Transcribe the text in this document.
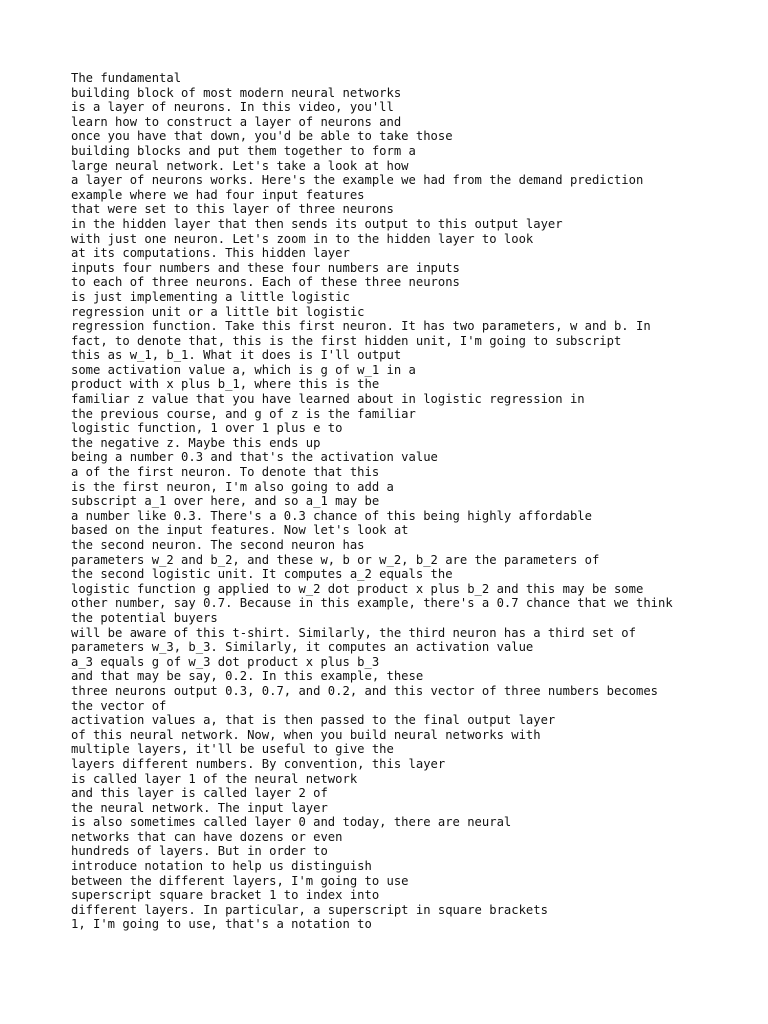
The fundamental
building block of most modern neural networks
is a layer of neurons. In this video, you'll
learn how to construct a layer of neurons and
once you have that down, you'd be able to take those
building blocks and put them together to form a
large neural network. Let's take a look at how
a layer of neurons works. Here's the example we had from the demand prediction
example where we had four input features
that were set to this layer of three neurons
in the hidden layer that then sends its output to this output layer
with just one neuron. Let's zoom in to the hidden layer to look
at its computations. This hidden layer
inputs four numbers and these four numbers are inputs
to each of three neurons. Each of these three neurons
is just implementing a little logistic
regression unit or a little bit logistic
regression function. Take this first neuron. It has two parameters, w and b. In
fact, to denote that, this is the first hidden unit, I'm going to subscript
this as w_1, b_1. What it does is I'll output
some activation value a, which is g of w_1 in a
product with x plus b_1, where this is the
familiar z value that you have learned about in logistic regression in
the previous course, and g of z is the familiar
logistic function, 1 over 1 plus e to
the negative z. Maybe this ends up
being a number 0.3 and that's the activation value
a of the first neuron. To denote that this
is the first neuron, I'm also going to add a
subscript a_1 over here, and so a_1 may be
a number like 0.3. There's a 0.3 chance of this being highly affordable
based on the input features. Now let's look at
the second neuron. The second neuron has
parameters w_2 and b_2, and these w, b or w_2, b_2 are the parameters of
the second logistic unit. It computes a_2 equals the
logistic function g applied to w_2 dot product x plus b_2 and this may be some
other number, say 0.7. Because in this example, there's a 0.7 chance that we think
the potential buyers
will be aware of this t-shirt. Similarly, the third neuron has a third set of
parameters w_3, b_3. Similarly, it computes an activation value
a_3 equals g of w_3 dot product x plus b_3
and that may be say, 0.2. In this example, these
three neurons output 0.3, 0.7, and 0.2, and this vector of three numbers becomes
the vector of
activation values a, that is then passed to the final output layer
of this neural network. Now, when you build neural networks with
multiple layers, it'll be useful to give the
layers different numbers. By convention, this layer
is called layer 1 of the neural network
and this layer is called layer 2 of
the neural network. The input layer
is also sometimes called layer 0 and today, there are neural
networks that can have dozens or even
hundreds of layers. But in order to
introduce notation to help us distinguish
between the different layers, I'm going to use
superscript square bracket 1 to index into
different layers. In particular, a superscript in square brackets
1, I'm going to use, that's a notation to
